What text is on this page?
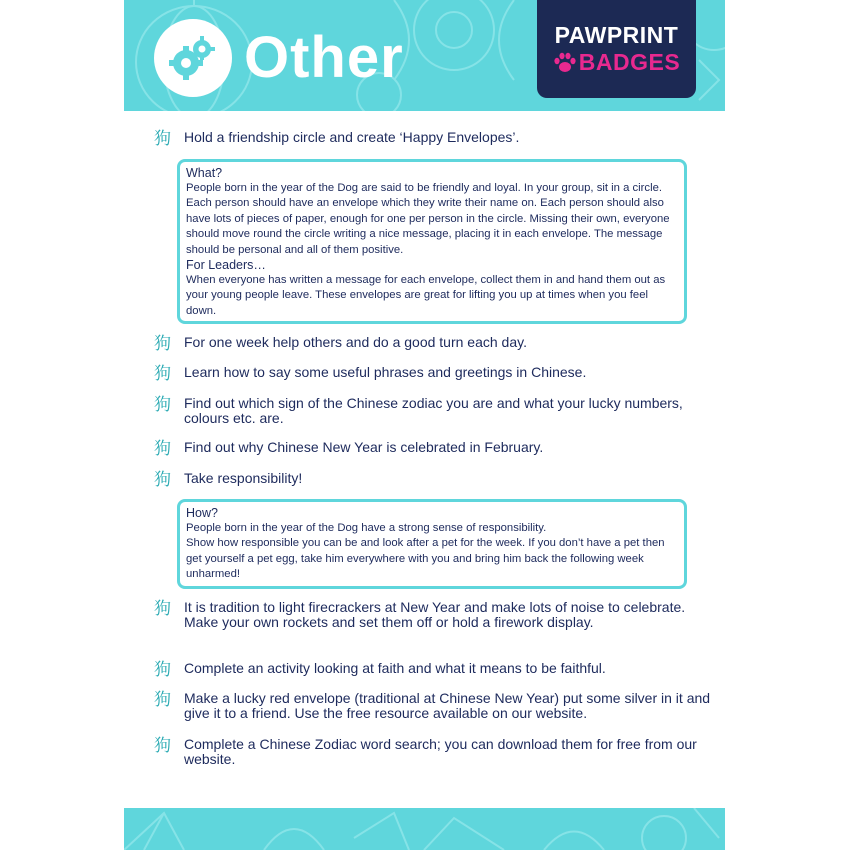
Other	PAWPRINT
BADGES
狗 Hold a friendship circle and create ‘Happy Envelopes’.
What?
People born in the year of the Dog are said to be friendly and loyal. In your group, sit in a circle. Each person should have an envelope which they write their name on. Each person should also have lots of pieces of paper, enough for one per person in the circle. Missing their own, everyone should move round the circle writing a nice message, placing it in each envelope. The message should be personal and all of them positive.
For Leaders…
When everyone has written a message for each envelope, collect them in and hand them out as your young people leave. These envelopes are great for lifting you up at times when you feel down.
狗 For one week help others and do a good turn each day.
狗 Learn how to say some useful phrases and greetings in Chinese.
狗 Find out which sign of the Chinese zodiac you are and what your lucky numbers, colours etc. are.
狗 Find out why Chinese New Year is celebrated in February.
狗 Take responsibility!
How?
People born in the year of the Dog have a strong sense of responsibility.
Show how responsible you can be and look after a pet for the week. If you don’t have a pet then get yourself a pet egg, take him everywhere with you and bring him back the following week unharmed!
狗 It is tradition to light firecrackers at New Year and make lots of noise to celebrate. Make your own rockets and set them off or hold a firework display.
狗 Complete an activity looking at faith and what it means to be faithful.
狗 Make a lucky red envelope (traditional at Chinese New Year) put some silver in it and give it to a friend. Use the free resource available on our website.
狗 Complete a Chinese Zodiac word search; you can download them for free from our website.
